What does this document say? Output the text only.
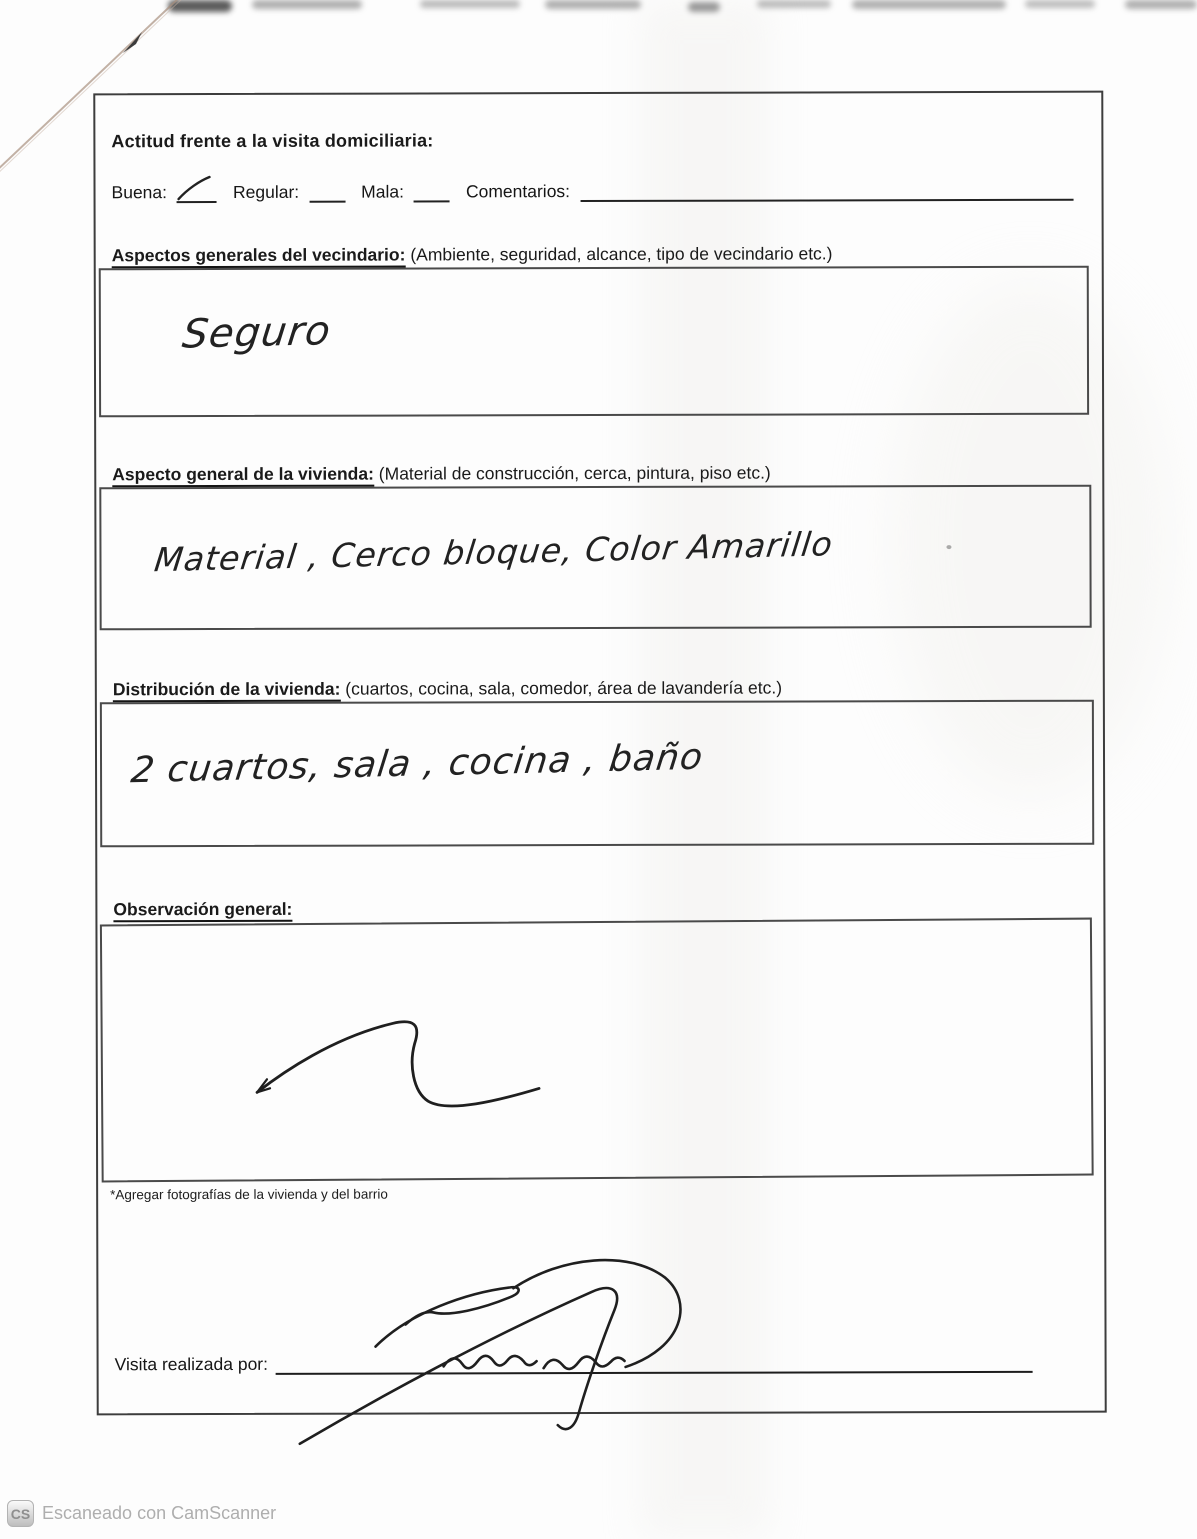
Actitud frente a la visita domiciliaria:
Buena:	Regular:	Mala:	Comentarios:
Aspectos generales del vecindario: (Ambiente, seguridad, alcance, tipo de vecindario etc.)
Seguro
Aspecto general de la vivienda: (Material de construcción, cerca, pintura, piso etc.)
Material , Cerco bloque, Color Amarillo
Distribución de la vivienda: (cuartos, cocina, sala, comedor, área de lavandería etc.)
2 cuartos, sala , cocina , baño
Observación general:
*Agregar fotografías de la vivienda y del barrio
Visita realizada por:
CS Escaneado con CamScanner
